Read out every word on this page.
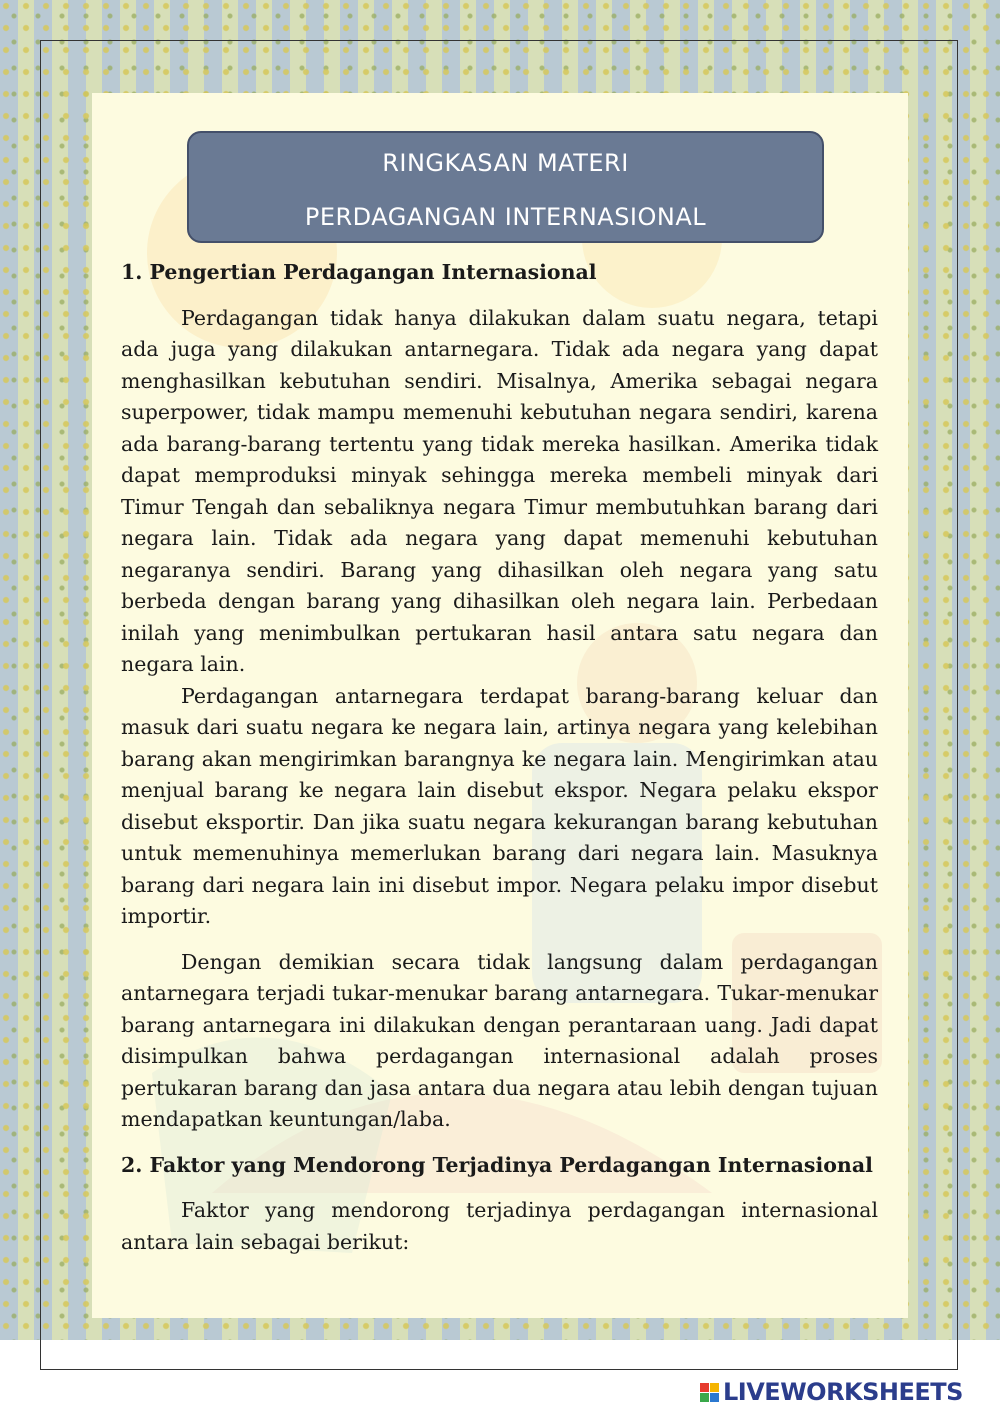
RINGKASAN MATERI
PERDAGANGAN INTERNASIONAL
1. Pengertian Perdagangan Internasional

Perdagangan tidak hanya dilakukan dalam suatu negara, tetapi ada juga yang dilakukan antarnegara. Tidak ada negara yang dapat menghasilkan kebutuhan sendiri. Misalnya, Amerika sebagai negara superpower, tidak mampu memenuhi kebutuhan negara sendiri, karena ada barang-barang tertentu yang tidak mereka hasilkan. Amerika tidak dapat memproduksi minyak sehingga mereka membeli minyak dari Timur Tengah dan sebaliknya negara Timur membutuhkan barang dari negara lain. Tidak ada negara yang dapat memenuhi kebutuhan negaranya sendiri. Barang yang dihasilkan oleh negara yang satu berbeda dengan barang yang dihasilkan oleh negara lain. Perbedaan inilah yang menimbulkan pertukaran hasil antara satu negara dan negara lain.

Perdagangan antarnegara terdapat barang-barang keluar dan masuk dari suatu negara ke negara lain, artinya negara yang kelebihan barang akan mengirimkan barangnya ke negara lain. Mengirimkan atau menjual barang ke negara lain disebut ekspor. Negara pelaku ekspor disebut eksportir. Dan jika suatu negara kekurangan barang kebutuhan untuk memenuhinya memerlukan barang dari negara lain. Masuknya barang dari negara lain ini disebut impor. Negara pelaku impor disebut importir.

Dengan demikian secara tidak langsung dalam perdagangan antarnegara terjadi tukar-menukar barang antarnegara. Tukar-menukar barang antarnegara ini dilakukan dengan perantaraan uang. Jadi dapat disimpulkan bahwa perdagangan internasional adalah proses pertukaran barang dan jasa antara dua negara atau lebih dengan tujuan mendapatkan keuntungan/laba.

2. Faktor yang Mendorong Terjadinya Perdagangan Internasional

Faktor yang mendorong terjadinya perdagangan internasional antara lain sebagai berikut:

LIVEWORKSHEETS
